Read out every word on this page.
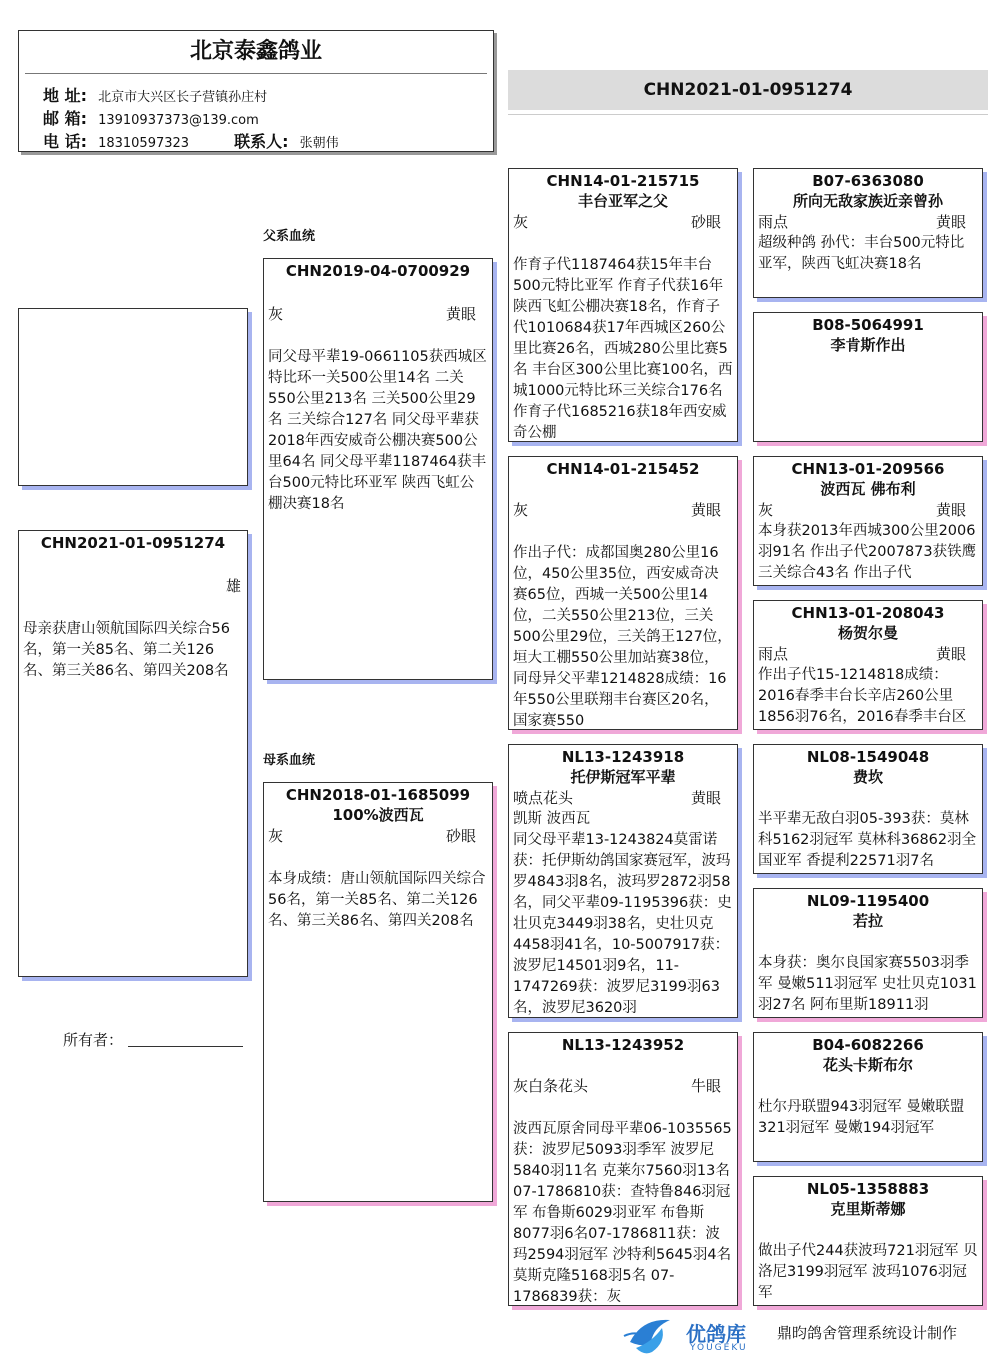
北京泰鑫鸽业
地 址: 北京市大兴区长子营镇孙庄村
邮 箱: 13910937373@139.com
电 话: 18310597323	联系人: 张朝伟
CHN2021-01-0951274
父系血统
母系血统
CHN2021-01-0951274
雄
母亲获唐山领航国际四关综合56名，第一关85名、第二关126名、第三关86名、第四关208名
所有者：
CHN2019-04-0700929
灰	黄眼
同父母平辈19-0661105获西城区特比环一关500公里14名 二关550公里213名 三关500公里29名 三关综合127名 同父母平辈获2018年西安威奇公棚决赛500公里64名 同父母平辈1187464获丰台500元特比环亚军 陕西飞虹公棚决赛18名
CHN2018-01-1685099
100%波西瓦
灰	砂眼
本身成绩：唐山领航国际四关综合56名，第一关85名、第二关126名、第三关86名、第四关208名
CHN14-01-215715
丰台亚军之父
灰	砂眼
作育子代1187464获15年丰台500元特比亚军 作育子代获16年陕西飞虹公棚决赛18名，作育子代1010684获17年西城区260公里比赛26名，西城280公里比赛5名 丰台区300公里比赛100名，西城1000元特比环三关综合176名 作育子代1685216获18年西安威奇公棚
CHN14-01-215452
灰	黄眼
作出子代：成都国奥280公里16位，450公里35位，西安威奇决赛65位，西城一关500公里14位，二关550公里213位，三关500公里29位，三关鸽王127位，垣大工棚550公里加站赛38位，同母异父平辈1214828成绩：16年550公里联翔丰台赛区20名，国家赛550
NL13-1243918
托伊斯冠军平辈
喷点花头	黄眼
凯斯 波西瓦
同父母平辈13-1243824莫雷诺获：托伊斯幼鸽国家赛冠军，波玛罗4843羽8名，波玛罗2872羽58名，同父平辈09-1195396获：史壮贝克3449羽38名，史壮贝克4458羽41名，10-5007917获：波罗尼14501羽9名，11-1747269获：波罗尼3199羽63名，波罗尼3620羽
NL13-1243952
灰白条花头	牛眼
波西瓦原舍同母平辈06-1035565获：波罗尼5093羽季军 波罗尼5840羽11名 克莱尔7560羽13名 07-1786810获：查特鲁846羽冠军 布鲁斯6029羽亚军 布鲁斯8077羽6名07-1786811获：波玛2594羽冠军 沙特利5645羽4名 莫斯克隆5168羽5名 07-1786839获：灰
B07-6363080
所向无敌家族近亲曾孙
雨点	黄眼
超级种鸽 孙代：丰台500元特比亚军，陕西飞虹决赛18名
B08-5064991
李肯斯作出
CHN13-01-209566
波西瓦 佛布利
灰	黄眼
本身获2013年西城300公里2006羽91名 作出子代2007873获铁鹰三关综合43名 作出子代
CHN13-01-208043
杨贺尔曼
雨点	黄眼
作出子代15-1214818成绩：2016春季丰台长辛店260公里1856羽76名，2016春季丰台区
NL08-1549048
费坎
半平辈无敌白羽05-393获：莫林科5162羽冠军 莫林科36862羽全国亚军 香提利22571羽7名
NL09-1195400
若拉
本身获：奥尔良国家赛5503羽季军 曼嫩511羽冠军 史壮贝克1031羽27名 阿布里斯18911羽
B04-6082266
花头卡斯布尔
杜尔丹联盟943羽冠军 曼嫩联盟321羽冠军 曼嫩194羽冠军
NL05-1358883
克里斯蒂娜
做出子代244获波玛721羽冠军 贝洛尼3199羽冠军 波玛1076羽冠军
优鸽库
YOUGEKU
鼎昀鸽舍管理系统设计制作
